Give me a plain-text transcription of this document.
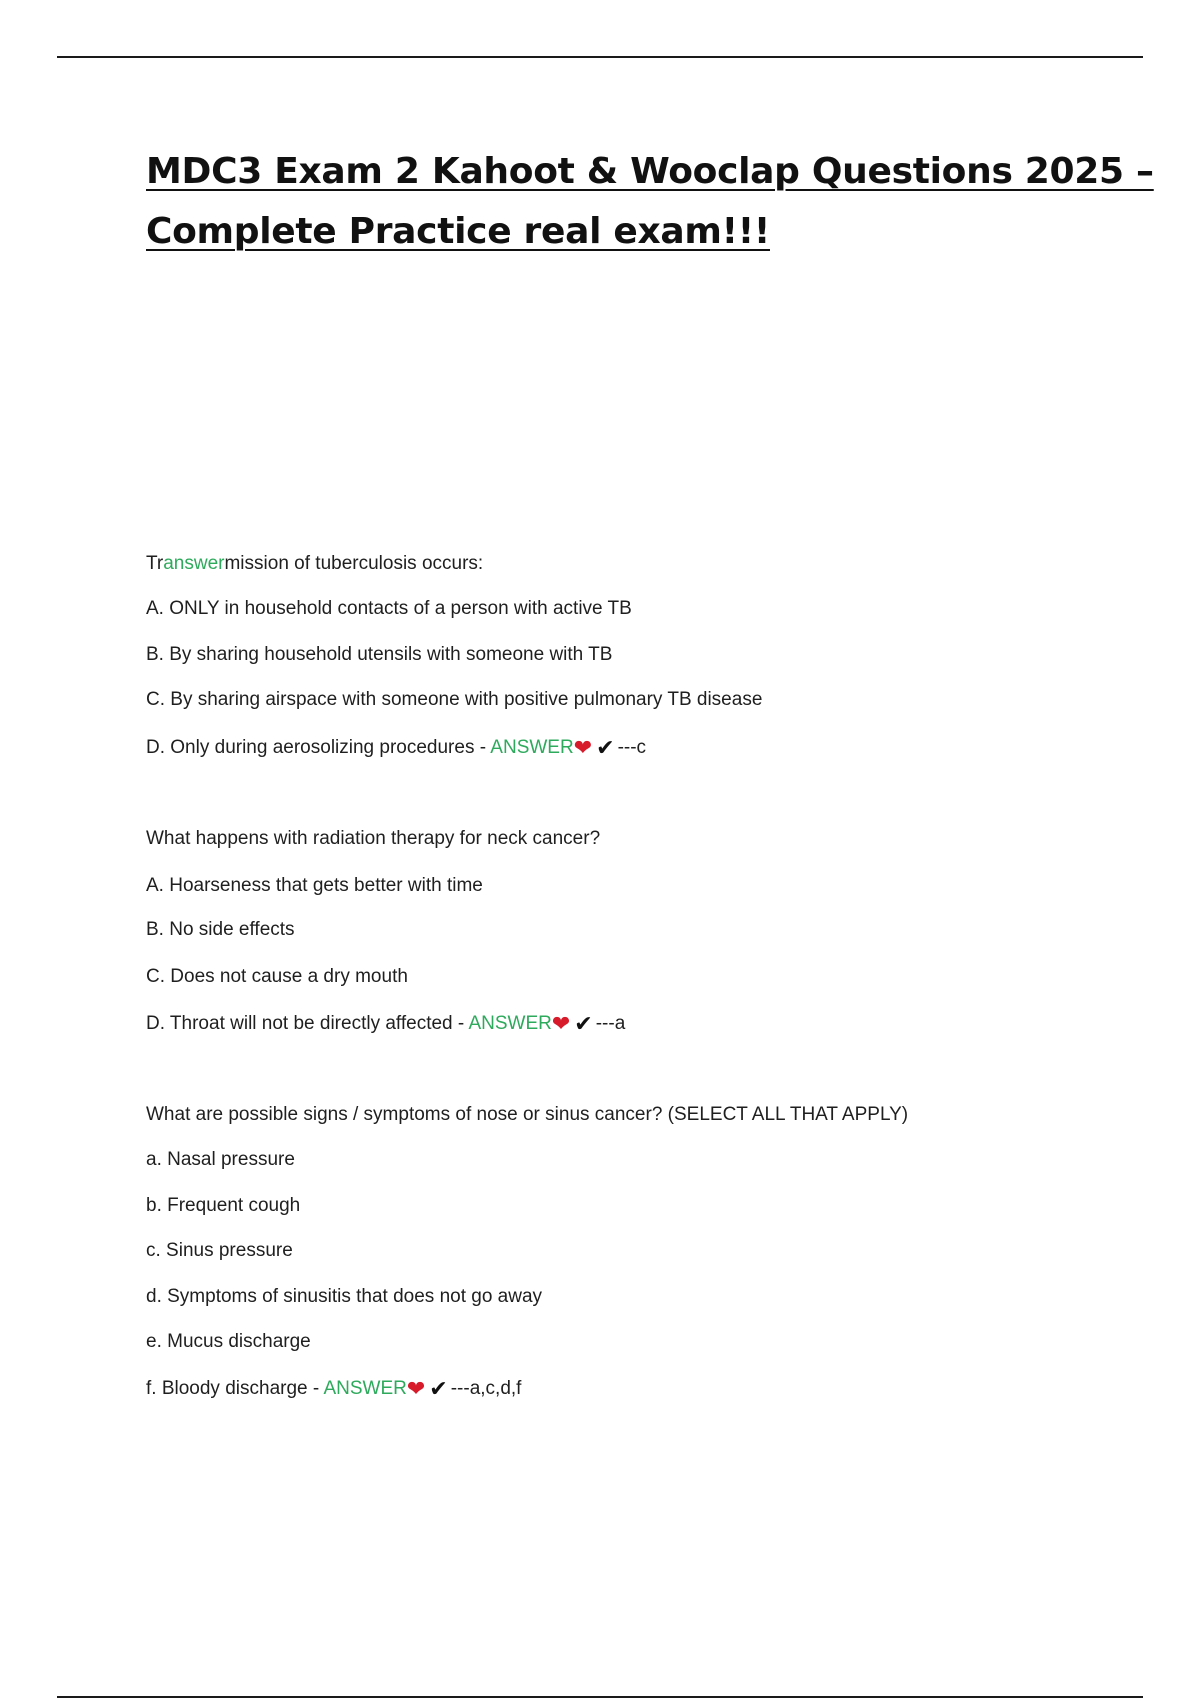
MDC3 Exam 2 Kahoot & Wooclap Questions 2025 –
Complete Practice real exam!!!

Transwermission of tuberculosis occurs:

A. ONLY in household contacts of a person with active TB

B. By sharing household utensils with someone with TB

C. By sharing airspace with someone with positive pulmonary TB disease

D. Only during aerosolizing procedures - ANSWER❤ ✔ ---c

What happens with radiation therapy for neck cancer?

A. Hoarseness that gets better with time

B. No side effects

C. Does not cause a dry mouth

D. Throat will not be directly affected - ANSWER❤ ✔ ---a

What are possible signs / symptoms of nose or sinus cancer? (SELECT ALL THAT APPLY)

a. Nasal pressure

b. Frequent cough

c. Sinus pressure

d. Symptoms of sinusitis that does not go away

e. Mucus discharge

f. Bloody discharge - ANSWER❤ ✔ ---a,c,d,f
